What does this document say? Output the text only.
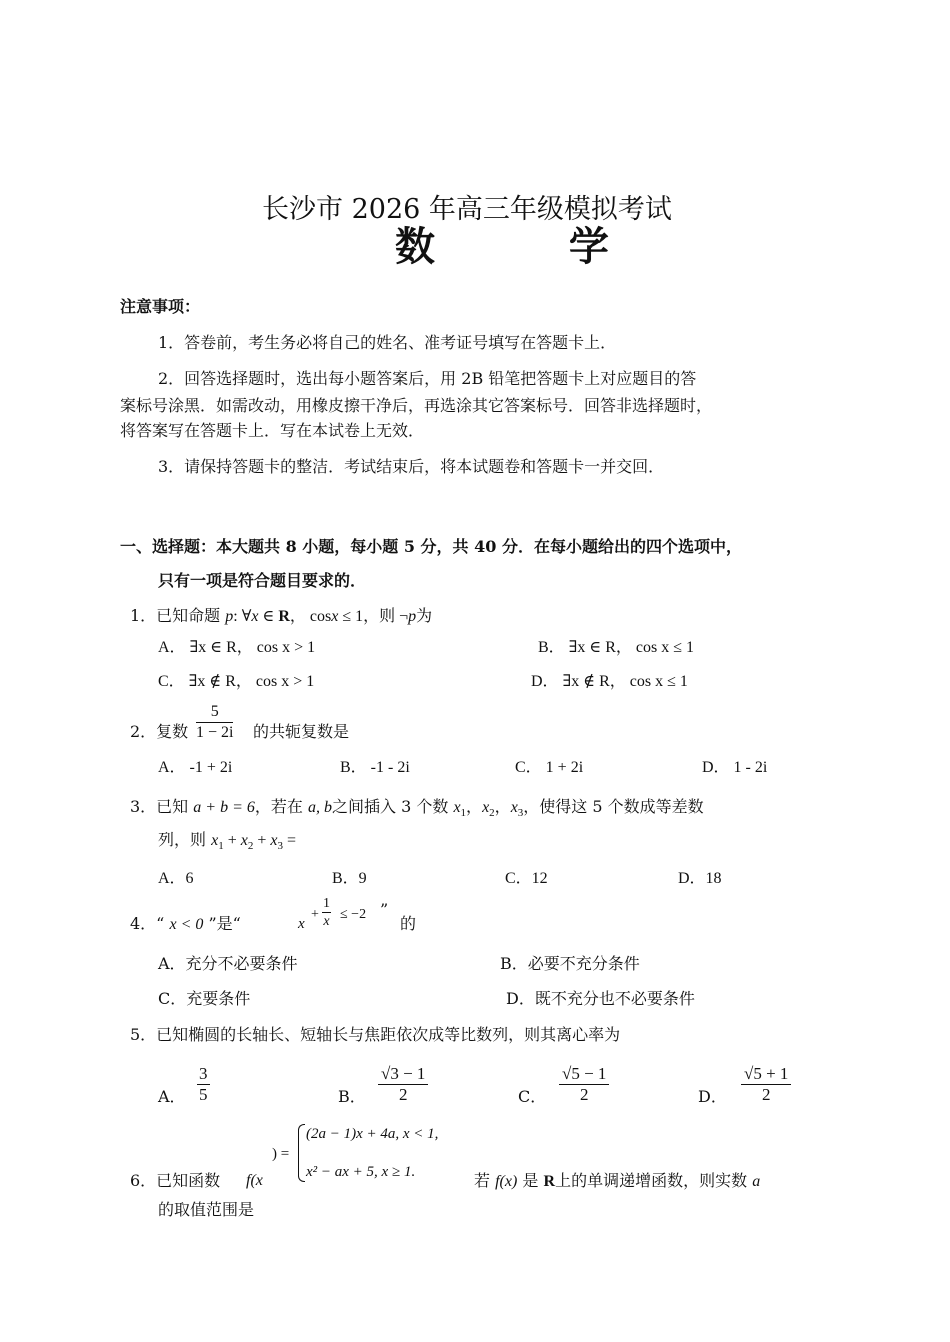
长沙市 2026 年高三年级模拟考试
数 学
注意事项：
1．答卷前，考生务必将自己的姓名、准考证号填写在答题卡上．
2．回答选择题时，选出每小题答案后，用 2B 铅笔把答题卡上对应题目的答
案标号涂黑．如需改动，用橡皮擦干净后，再选涂其它答案标号．回答非选择题时，
将答案写在答题卡上．写在本试卷上无效．
3．请保持答题卡的整洁．考试结束后，将本试题卷和答题卡一并交回．
一、选择题：本大题共 8 小题，每小题 5 分，共 40 分．在每小题给出的四个选项中，
只有一项是符合题目要求的．
1．已知命题 p: ∀x ∈ R， cosx ≤ 1，则 ¬p为
A． ∃x ∈ R， cos x > 1	B． ∃x ∈ R， cos x ≤ 1
C． ∃x ∉ R， cos x > 1	D． ∃x ∉ R， cos x ≤ 1
2．复数 $\frac{5}{1 - 2i}$ 的共轭复数是
A． -1 + 2i	B． -1 - 2i	C． 1 + 2i	D． 1 - 2i
3．已知 a + b = 6，若在 a, b之间插入 3 个数 $x_1$，$x_2$，$x_3$，使得这 5 个数成等差数
列，则 $x_1 + x_2 + x_3$ =
A．6	B．9	C．12	D．18
4．“ x < 0 ”是“	x
+ $\frac{1}{x} \le -2$ ”
的
A．充分不必要条件	B．必要不充分条件
C．充要条件	D．既不充分也不必要条件
5．已知椭圆的长轴长、短轴长与焦距依次成等比数列，则其离心率为
A． $\frac{3}{5}$	B． $\frac{√3 - 1}{2}$	C． $\frac{√5 - 1}{2}$	D． $\frac{√5 + 1}{2}$
6．已知函数 f(x
) =
(2a − 1)x + 4a, x < 1,
x² − ax + 5, x ≥ 1.	若 f(x) 是 R上的单调递增函数，则实数 a
的取值范围是
